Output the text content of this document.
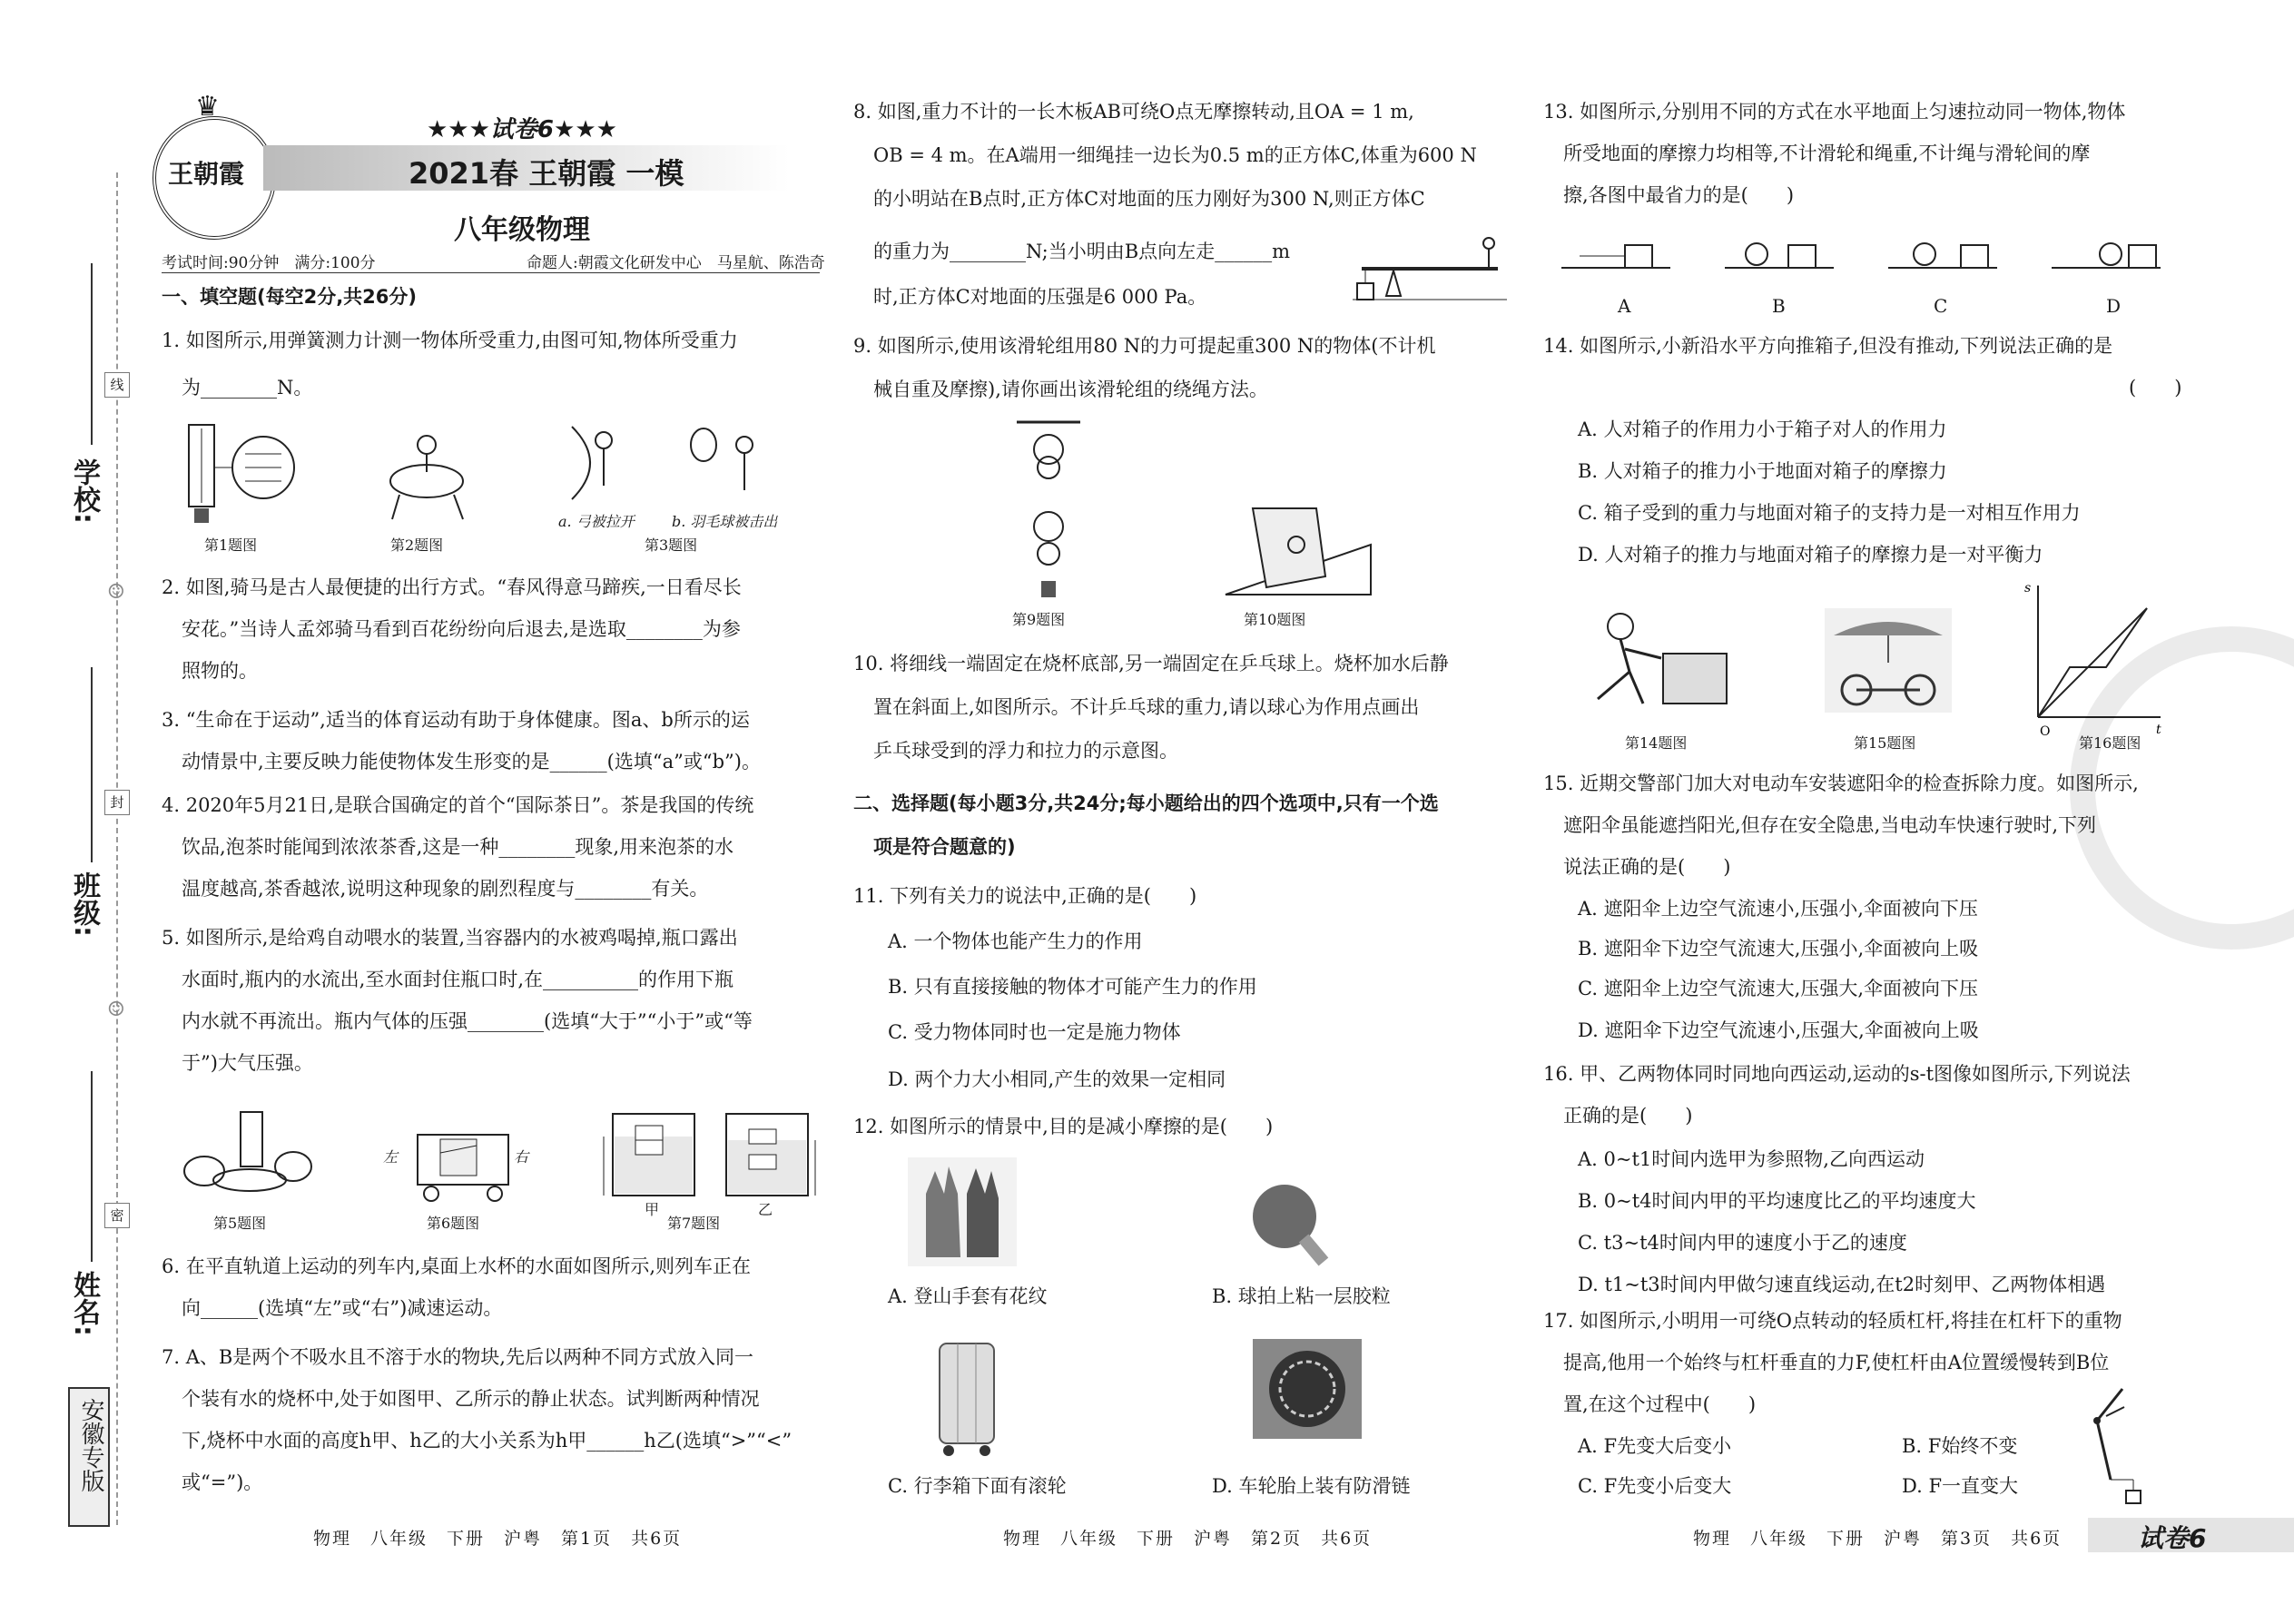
学校:
班级:
姓名:
线
封
密
☺
☺
安徽专版
王朝霞
♛
★★★试卷6★★★
2021春 王朝霞 一模
八年级物理
考试时间:90分钟　满分:100分	命题人:朝霞文化研发中心　马星航、陈浩奇
一、填空题(每空2分,共26分)
1. 如图所示,用弹簧测力计测一物体所受重力,由图可知,物体所受重力
为________N。
第1题图	第2题图
a. 弓被拉开	b. 羽毛球被击出
第3题图
2. 如图,骑马是古人最便捷的出行方式。“春风得意马蹄疾,一日看尽长
安花。”当诗人孟郊骑马看到百花纷纷向后退去,是选取________为参
照物的。
3. “生命在于运动”,适当的体育运动有助于身体健康。图a、b所示的运
动情景中,主要反映力能使物体发生形变的是______(选填“a”或“b”)。
4. 2020年5月21日,是联合国确定的首个“国际茶日”。茶是我国的传统
饮品,泡茶时能闻到浓浓茶香,这是一种________现象,用来泡茶的水
温度越高,茶香越浓,说明这种现象的剧烈程度与________有关。
5. 如图所示,是给鸡自动喂水的装置,当容器内的水被鸡喝掉,瓶口露出
水面时,瓶内的水流出,至水面封住瓶口时,在__________的作用下瓶
内水就不再流出。瓶内气体的压强________(选填“大于”“小于”或“等
于”)大气压强。
左	右
甲	乙
第5题图	第6题图	第7题图
6. 在平直轨道上运动的列车内,桌面上水杯的水面如图所示,则列车正在
向______(选填“左”或“右”)减速运动。
7. A、B是两个不吸水且不溶于水的物块,先后以两种不同方式放入同一
个装有水的烧杯中,处于如图甲、乙所示的静止状态。试判断两种情况
下,烧杯中水面的高度h甲、h乙的大小关系为h甲______h乙(选填“>”“<”
或“=”)。
物理　八年级　下册　沪粤　第1页　共6页
8. 如图,重力不计的一长木板AB可绕O点无摩擦转动,且OA = 1 m,
OB = 4 m。在A端用一细绳挂一边长为0.5 m的正方体C,体重为600 N
的小明站在B点时,正方体C对地面的压力刚好为300 N,则正方体C
的重力为________N;当小明由B点向左走______m
时,正方体C对地面的压强是6 000 Pa。
9. 如图所示,使用该滑轮组用80 N的力可提起重300 N的物体(不计机
械自重及摩擦),请你画出该滑轮组的绕绳方法。
第9题图	第10题图
10. 将细线一端固定在烧杯底部,另一端固定在乒乓球上。烧杯加水后静
置在斜面上,如图所示。不计乒乓球的重力,请以球心为作用点画出
乒乓球受到的浮力和拉力的示意图。
二、选择题(每小题3分,共24分;每小题给出的四个选项中,只有一个选
项是符合题意的)
11. 下列有关力的说法中,正确的是(　　)
A. 一个物体也能产生力的作用
B. 只有直接接触的物体才可能产生力的作用
C. 受力物体同时也一定是施力物体
D. 两个力大小相同,产生的效果一定相同
12. 如图所示的情景中,目的是减小摩擦的是(　　)
A. 登山手套有花纹	B. 球拍上粘一层胶粒
C. 行李箱下面有滚轮	D. 车轮胎上装有防滑链
物理　八年级　下册　沪粤　第2页　共6页
13. 如图所示,分别用不同的方式在水平地面上匀速拉动同一物体,物体
所受地面的摩擦力均相等,不计滑轮和绳重,不计绳与滑轮间的摩
擦,各图中最省力的是(　　)
A	B	C	D
14. 如图所示,小新沿水平方向推箱子,但没有推动,下列说法正确的是
(　　)
A. 人对箱子的作用力小于箱子对人的作用力
B. 人对箱子的推力小于地面对箱子的摩擦力
C. 箱子受到的重力与地面对箱子的支持力是一对相互作用力
D. 人对箱子的推力与地面对箱子的摩擦力是一对平衡力
O	t
s
第14题图	第15题图	第16题图
15. 近期交警部门加大对电动车安装遮阳伞的检查拆除力度。如图所示,
遮阳伞虽能遮挡阳光,但存在安全隐患,当电动车快速行驶时,下列
说法正确的是(　　)
A. 遮阳伞上边空气流速小,压强小,伞面被向下压
B. 遮阳伞下边空气流速大,压强小,伞面被向上吸
C. 遮阳伞上边空气流速大,压强大,伞面被向下压
D. 遮阳伞下边空气流速小,压强大,伞面被向上吸
16. 甲、乙两物体同时同地向西运动,运动的s-t图像如图所示,下列说法
正确的是(　　)
A. 0~t1时间内选甲为参照物,乙向西运动
B. 0~t4时间内甲的平均速度比乙的平均速度大
C. t3~t4时间内甲的速度小于乙的速度
D. t1~t3时间内甲做匀速直线运动,在t2时刻甲、乙两物体相遇
17. 如图所示,小明用一可绕O点转动的轻质杠杆,将挂在杠杆下的重物
提高,他用一个始终与杠杆垂直的力F,使杠杆由A位置缓慢转到B位
置,在这个过程中(　　)
A. F先变大后变小	B. F始终不变
C. F先变小后变大	D. F一直变大
物理　八年级　下册　沪粤　第3页　共6页	试卷6
